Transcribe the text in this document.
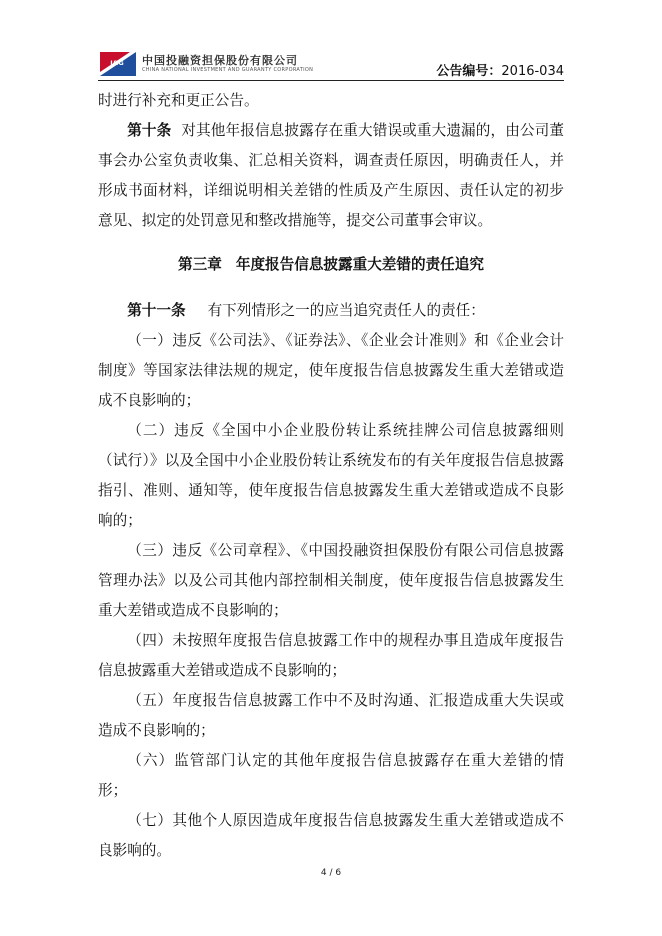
I&G 中国投融资担保股份有限公司
CHINA NATIONAL INVESTMENT AND GUARANTY CORPORATION	公告编号：2016-034

时进行补充和更正公告。

第十条 对其他年报信息披露存在重大错误或重大遗漏的，由公司董事会办公室负责收集、汇总相关资料，调查责任原因，明确责任人，并形成书面材料，详细说明相关差错的性质及产生原因、责任认定的初步意见、拟定的处罚意见和整改措施等，提交公司董事会审议。

第三章 年度报告信息披露重大差错的责任追究

第十一条 有下列情形之一的应当追究责任人的责任：

（一）违反《公司法》、《证券法》、《企业会计准则》和《企业会计制度》等国家法律法规的规定，使年度报告信息披露发生重大差错或造成不良影响的；

（二）违反《全国中小企业股份转让系统挂牌公司信息披露细则（试行）》以及全国中小企业股份转让系统发布的有关年度报告信息披露指引、准则、通知等，使年度报告信息披露发生重大差错或造成不良影响的；

（三）违反《公司章程》、《中国投融资担保股份有限公司信息披露管理办法》以及公司其他内部控制相关制度，使年度报告信息披露发生重大差错或造成不良影响的；

（四）未按照年度报告信息披露工作中的规程办事且造成年度报告信息披露重大差错或造成不良影响的；

（五）年度报告信息披露工作中不及时沟通、汇报造成重大失误或造成不良影响的；

（六）监管部门认定的其他年度报告信息披露存在重大差错的情形；

（七）其他个人原因造成年度报告信息披露发生重大差错或造成不良影响的。

4 / 6
